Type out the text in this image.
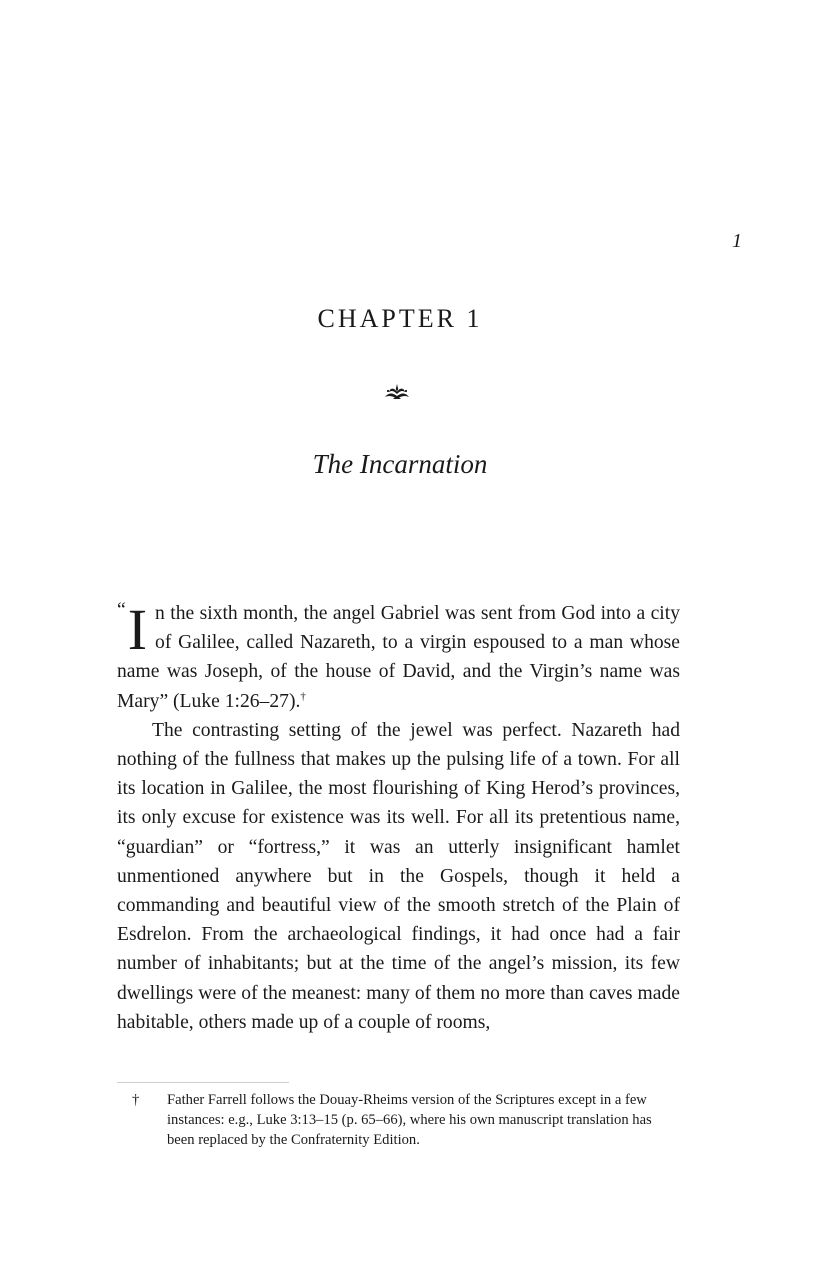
1
CHAPTER 1
The Incarnation

“ I n the sixth month, the angel Gabriel was sent from God into a city of Galilee, called Nazareth, to a virgin espoused to a man whose name was Joseph, of the house of David, and the Virgin’s name was Mary” (Luke 1:26–27).†

The contrasting setting of the jewel was perfect. Nazareth had nothing of the fullness that makes up the pulsing life of a town. For all its location in Galilee, the most flourishing of King Herod’s provinces, its only excuse for existence was its well. For all its pretentious name, “guardian” or “fortress,” it was an utterly insignificant hamlet unmentioned anywhere but in the Gospels, though it held a commanding and beautiful view of the smooth stretch of the Plain of Esdrelon. From the archaeological findings, it had once had a fair number of inhabitants; but at the time of the angel’s mission, its few dwellings were of the meanest: many of them no more than caves made habitable, others made up of a couple of rooms,

† Father Farrell follows the Douay-Rheims version of the Scriptures except in a few instances: e.g., Luke 3:13–15 (p. 65–66), where his own manuscript translation has been replaced by the Confraternity Edition.
